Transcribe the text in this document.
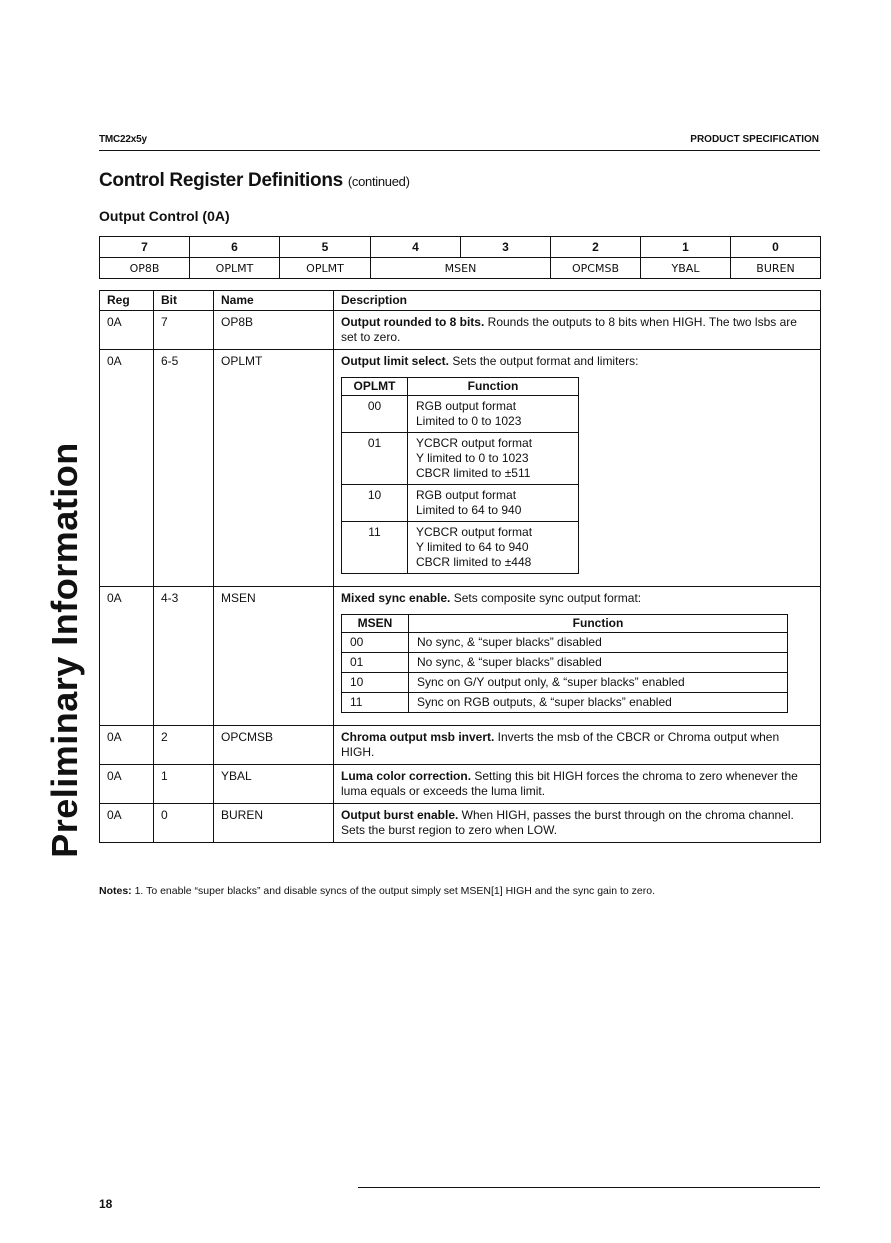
TMC22x5y	PRODUCT SPECIFICATION
Control Register Definitions (continued)
Output Control (0A)
7	6	5	4	3	2	1	0
OP8B	OPLMT	OPLMT	MSEN		OPCMSB	YBAL	BUREN
Reg	Bit	Name	Description
0A	7	OP8B	Output rounded to 8 bits. Rounds the outputs to 8 bits when HIGH. The two lsbs are set to zero.

0A	6-5	OPLMT	Output limit select. Sets the output format and limiters:
OPLMT	Function
00	RGB output format
Limited to 0 to 1023

01	YCBCR output format
Y limited to 0 to 1023
CBCR limited to ±511

10	RGB output format
Limited to 64 to 940

11	YCBCR output format
Y limited to 64 to 940
CBCR limited to ±448

0A	4-3	MSEN	Mixed sync enable. Sets composite sync output format:
MSEN	Function
00	No sync, & “super blacks” disabled
01	No sync, & “super blacks” disabled
10	Sync on G/Y output only, & “super blacks” enabled
11	Sync on RGB outputs, & “super blacks” enabled

0A	2	OPCMSB	Chroma output msb invert. Inverts the msb of the CBCR or Chroma output when HIGH.

0A	1	YBAL	Luma color correction. Setting this bit HIGH forces the chroma to zero whenever the luma equals or exceeds the luma limit.

0A	0	BUREN	Output burst enable. When HIGH, passes the burst through on the chroma channel. Sets the burst region to zero when LOW.
Notes: 1. To enable “super blacks” and disable syncs of the output simply set MSEN[1] HIGH and the sync gain to zero.
Preliminary Information
18
